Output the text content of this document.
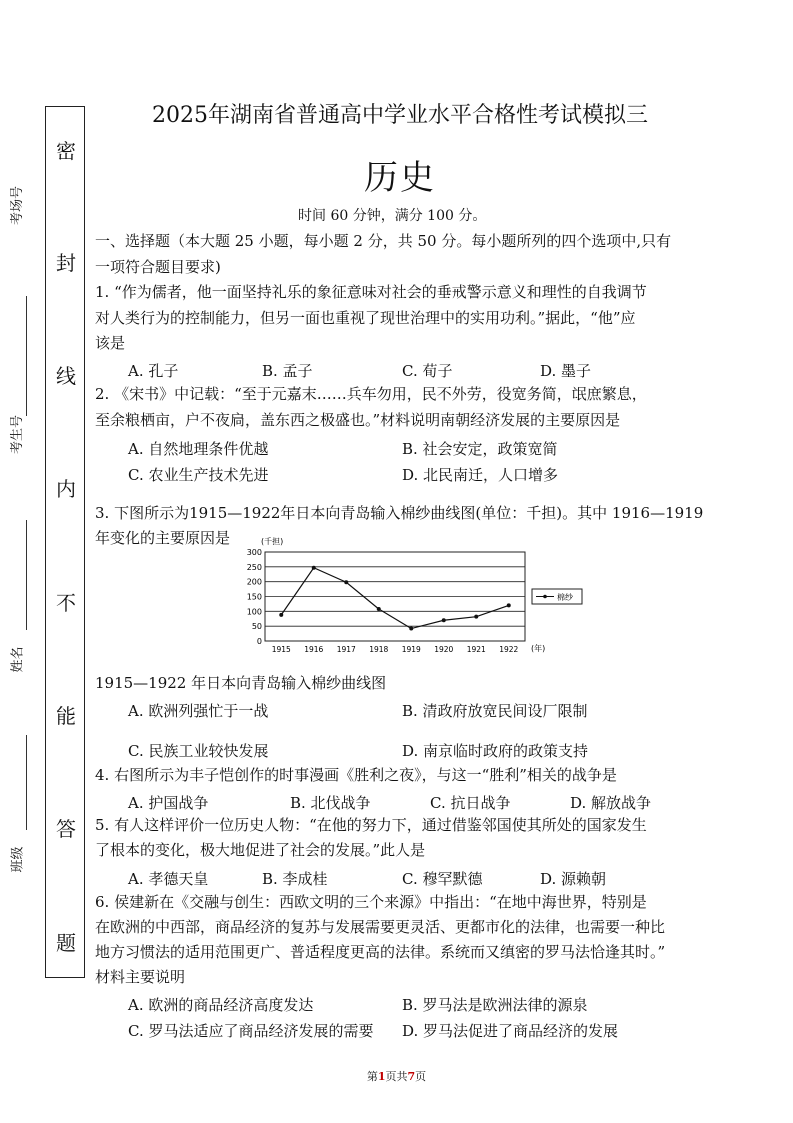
密
封
线
内
不
能
答
题
考场号
考生号
姓名
班级
2025年湖南省普通高中学业水平合格性考试模拟三
历史
时间 60 分钟，满分 100 分。
一、选择题（本大题 25 小题，每小题 2 分，共 50 分。每小题所列的四个选项中,只有
一项符合题目要求)
1. “作为儒者，他一面坚持礼乐的象征意味对社会的垂戒警示意义和理性的自我调节
对人类行为的控制能力，但另一面也重视了现世治理中的实用功利。”据此，“他”应
该是
A. 孔子	B. 孟子	C. 荀子	D. 墨子
2. 《宋书》中记载：“至于元嘉末……兵车勿用，民不外劳，役宽务简，氓庶繁息，
至余粮栖亩，户不夜扃，盖东西之极盛也。”材料说明南朝经济发展的主要原因是
A. 自然地理条件优越	B. 社会安定，政策宽简
C. 农业生产技术先进	D. 北民南迁，人口增多
3. 下图所示为1915—1922年日本向青岛输入棉纱曲线图(单位：千担)。其中 1916—1919
年变化的主要原因是
0
50
100
150
200
250
300
1915 1916 1917 1918 1919 1920 1921 1922
(千担)
(年)
棉纱
1915—1922 年日本向青岛输入棉纱曲线图
A. 欧洲列强忙于一战	B. 清政府放宽民间设厂限制
C. 民族工业较快发展	D. 南京临时政府的政策支持
4. 右图所示为丰子恺创作的时事漫画《胜利之夜》，与这一“胜利”相关的战争是
A. 护国战争	B. 北伐战争	C. 抗日战争	D. 解放战争
5. 有人这样评价一位历史人物：“在他的努力下，通过借鉴邻国使其所处的国家发生
了根本的变化，极大地促进了社会的发展。”此人是
A. 孝德天皇	B. 李成桂	C. 穆罕默德	D. 源赖朝
6. 侯建新在《交融与创生：西欧文明的三个来源》中指出：“在地中海世界，特别是
在欧洲的中西部，商品经济的复苏与发展需要更灵活、更都市化的法律，也需要一种比
地方习惯法的适用范围更广、普适程度更高的法律。系统而又缜密的罗马法恰逢其时。”
材料主要说明
A. 欧洲的商品经济高度发达	B. 罗马法是欧洲法律的源泉
C. 罗马法适应了商品经济发展的需要 D. 罗马法促进了商品经济的发展
第1页共7页
